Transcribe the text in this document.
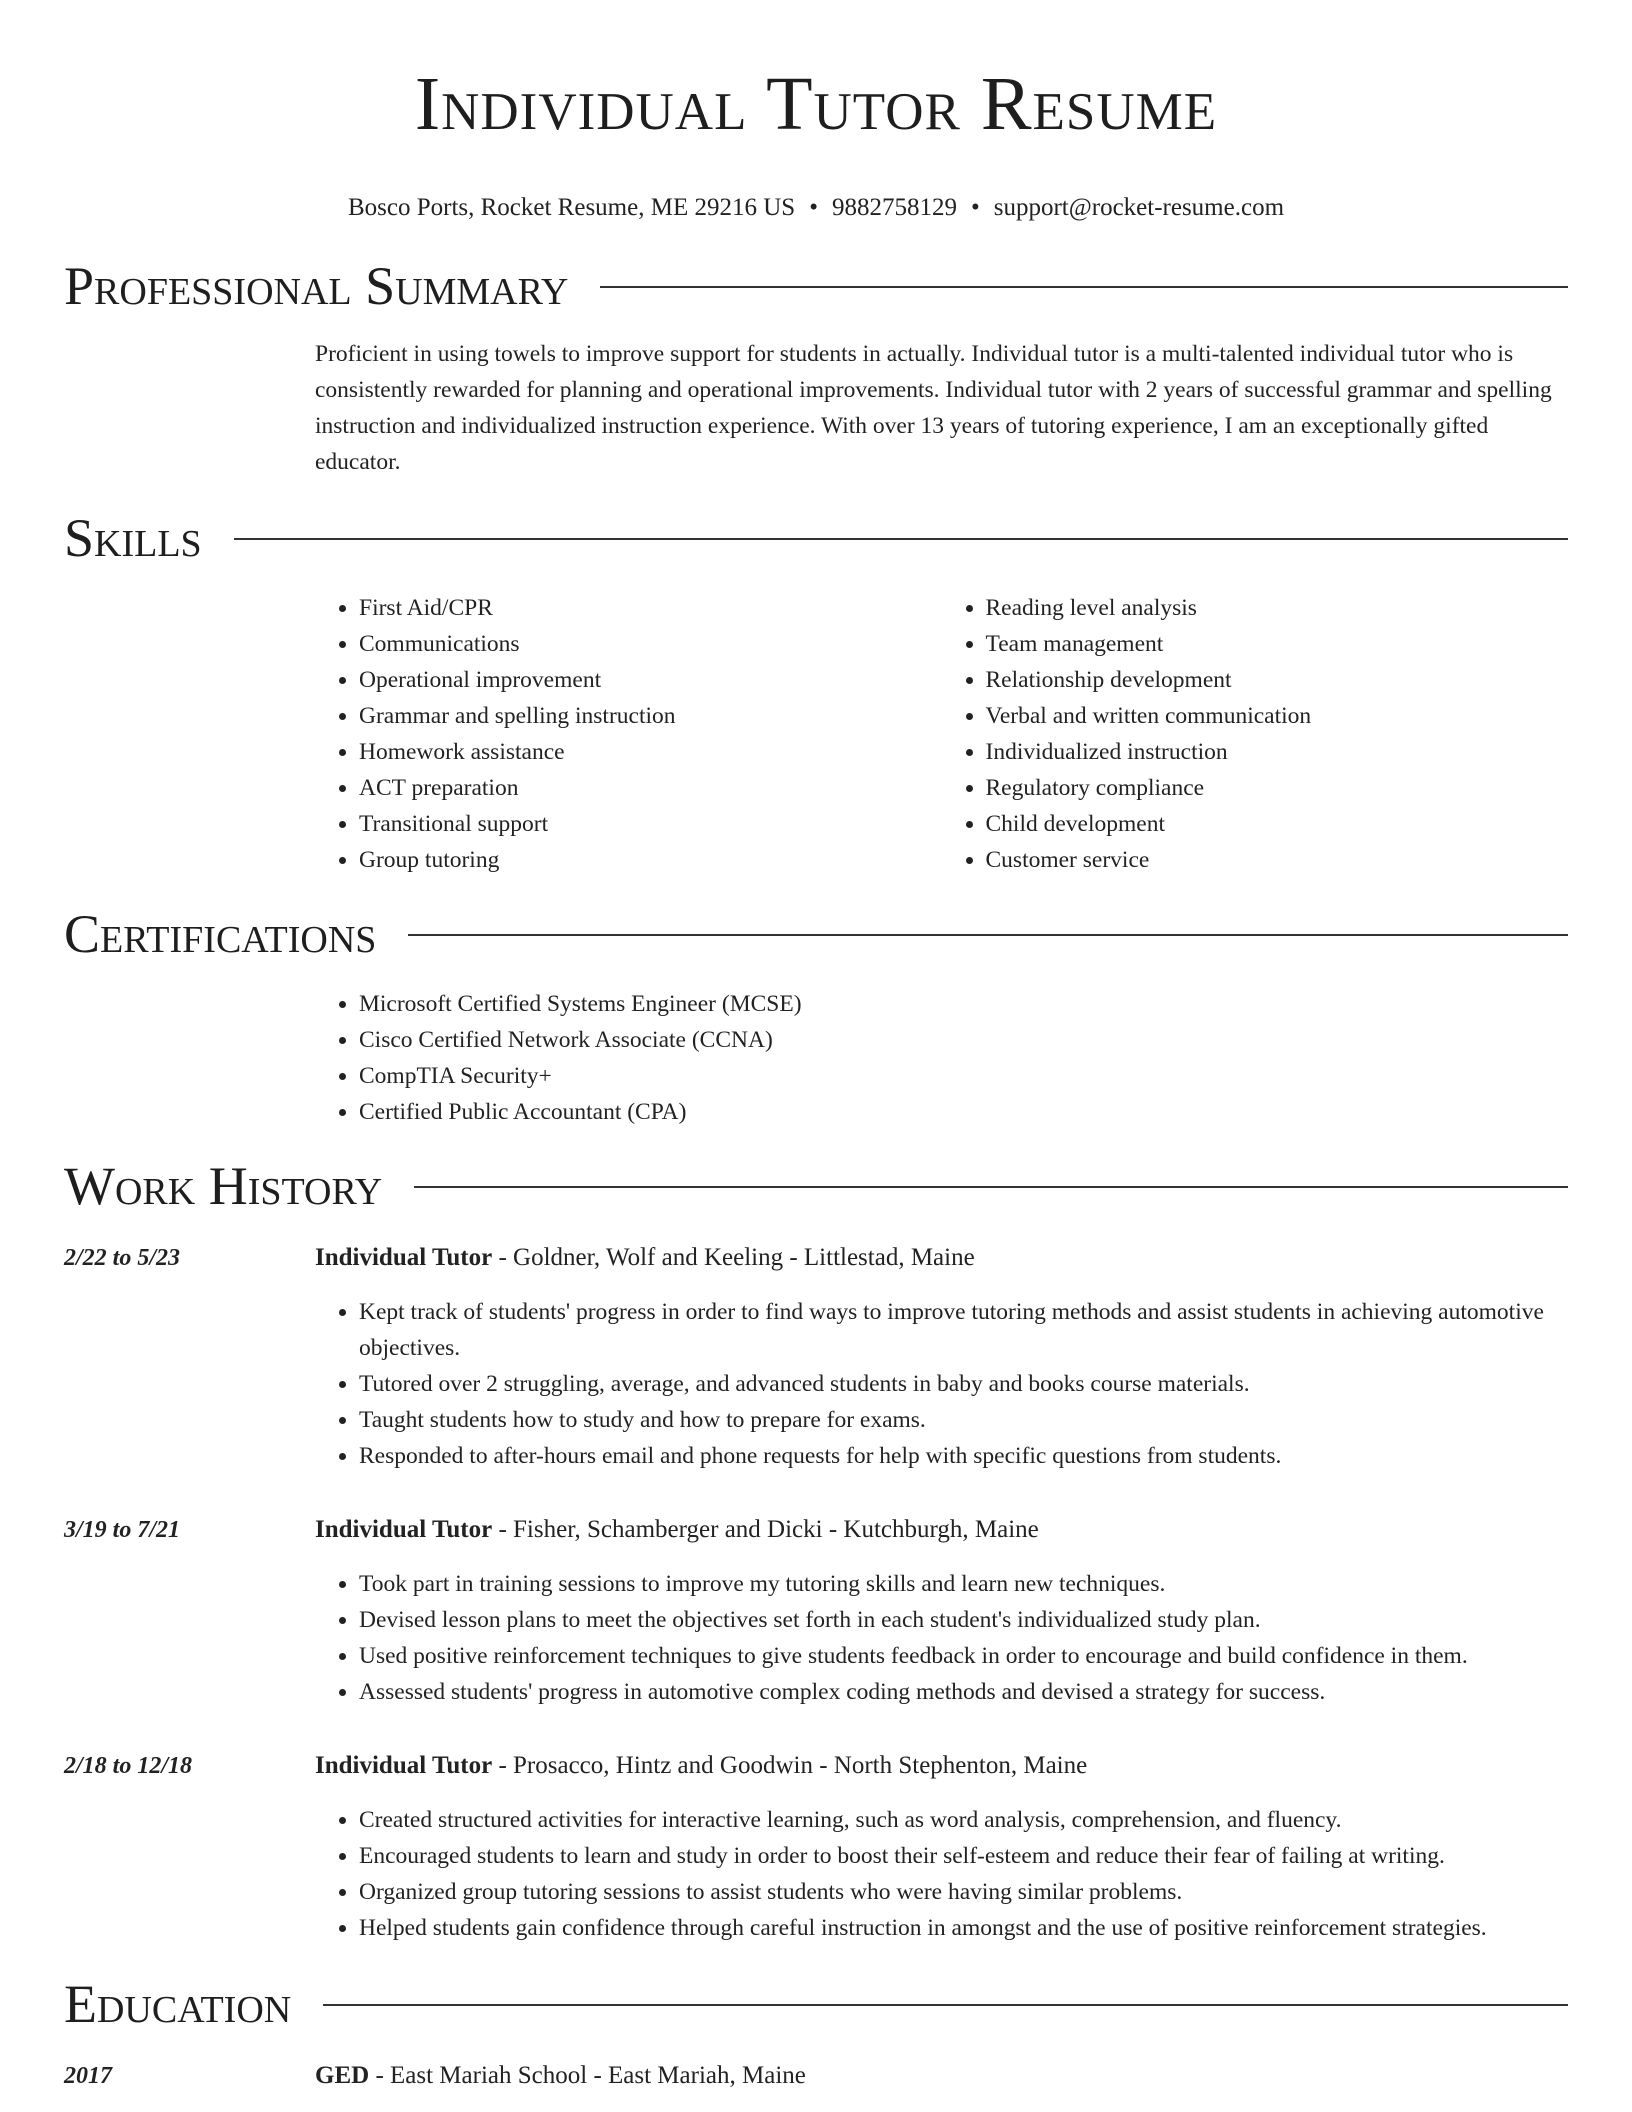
Individual Tutor Resume
Bosco Ports, Rocket Resume, ME 29216 US • 9882758129 • support@rocket-resume.com
Professional Summary
Proficient in using towels to improve support for students in actually. Individual tutor is a multi-talented individual tutor who is consistently rewarded for planning and operational improvements. Individual tutor with 2 years of successful grammar and spelling instruction and individualized instruction experience. With over 13 years of tutoring experience, I am an exceptionally gifted educator.
Skills
• First Aid/CPR
• Communications
• Operational improvement
• Grammar and spelling instruction
• Homework assistance
• ACT preparation
• Transitional support
• Group tutoring
• Reading level analysis
• Team management
• Relationship development
• Verbal and written communication
• Individualized instruction
• Regulatory compliance
• Child development
• Customer service
Certifications
• Microsoft Certified Systems Engineer (MCSE)
• Cisco Certified Network Associate (CCNA)
• CompTIA Security+
• Certified Public Accountant (CPA)
Work History
2/22 to 5/23	Individual Tutor - Goldner, Wolf and Keeling - Littlestad, Maine
• Kept track of students' progress in order to find ways to improve tutoring methods and assist students in achieving automotive objectives.
• Tutored over 2 struggling, average, and advanced students in baby and books course materials.
• Taught students how to study and how to prepare for exams.
• Responded to after-hours email and phone requests for help with specific questions from students.
3/19 to 7/21	Individual Tutor - Fisher, Schamberger and Dicki - Kutchburgh, Maine
• Took part in training sessions to improve my tutoring skills and learn new techniques.
• Devised lesson plans to meet the objectives set forth in each student's individualized study plan.
• Used positive reinforcement techniques to give students feedback in order to encourage and build confidence in them.
• Assessed students' progress in automotive complex coding methods and devised a strategy for success.
2/18 to 12/18	Individual Tutor - Prosacco, Hintz and Goodwin - North Stephenton, Maine
• Created structured activities for interactive learning, such as word analysis, comprehension, and fluency.
• Encouraged students to learn and study in order to boost their self-esteem and reduce their fear of failing at writing.
• Organized group tutoring sessions to assist students who were having similar problems.
• Helped students gain confidence through careful instruction in amongst and the use of positive reinforcement strategies.
Education
2017	GED - East Mariah School - East Mariah, Maine
